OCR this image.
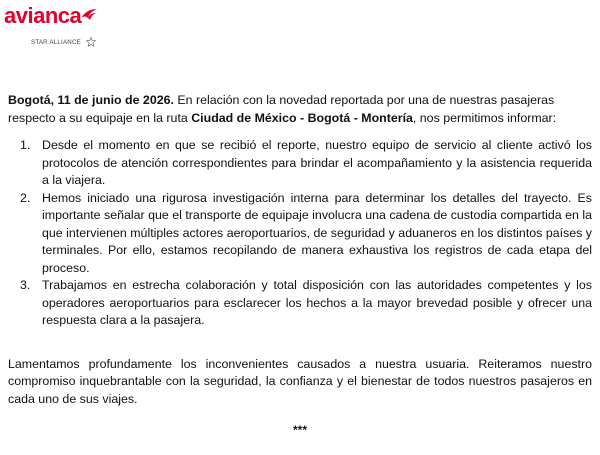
avianca
STAR ALLIANCE

Bogotá, 11 de junio de 2026. En relación con la novedad reportada por una de nuestras pasajeras respecto a su equipaje en la ruta Ciudad de México - Bogotá - Montería, nos permitimos informar:

1. Desde el momento en que se recibió el reporte, nuestro equipo de servicio al cliente activó los protocolos de atención correspondientes para brindar el acompañamiento y la asistencia requerida a la viajera.
2. Hemos iniciado una rigurosa investigación interna para determinar los detalles del trayecto. Es importante señalar que el transporte de equipaje involucra una cadena de custodia compartida en la que intervienen múltiples actores aeroportuarios, de seguridad y aduaneros en los distintos países y terminales. Por ello, estamos recopilando de manera exhaustiva los registros de cada etapa del proceso.
3. Trabajamos en estrecha colaboración y total disposición con las autoridades competentes y los operadores aeroportuarios para esclarecer los hechos a la mayor brevedad posible y ofrecer una respuesta clara a la pasajera.

Lamentamos profundamente los inconvenientes causados a nuestra usuaria. Reiteramos nuestro compromiso inquebrantable con la seguridad, la confianza y el bienestar de todos nuestros pasajeros en cada uno de sus viajes.

***
